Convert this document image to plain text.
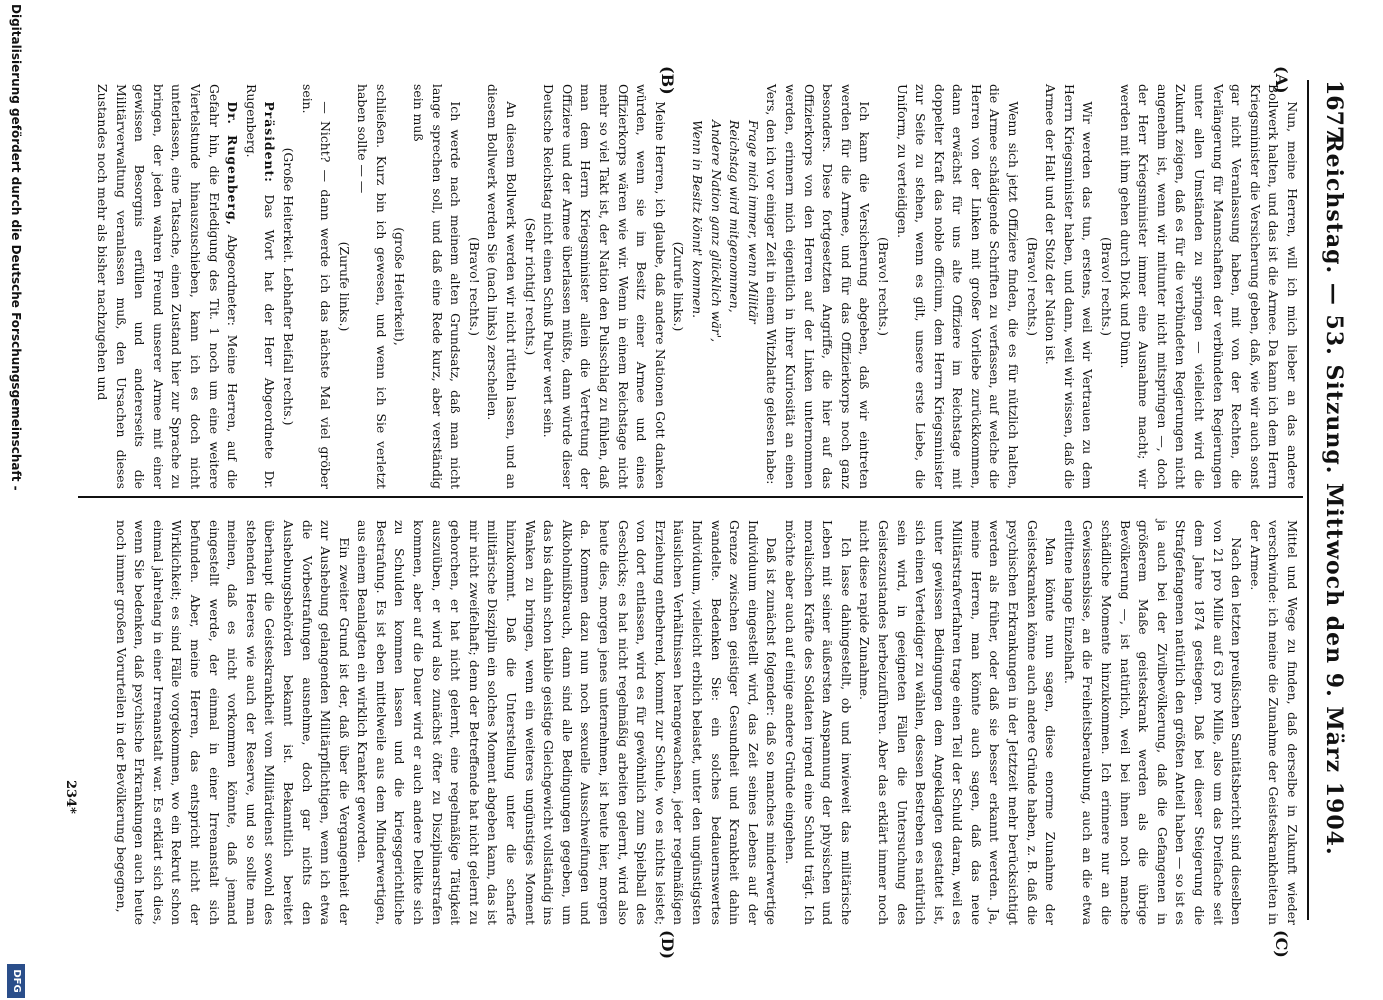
1677
Reichstag. — 53. Sitzung. Mittwoch den 9. März 1904.
(A)
(B)
(C)
(D)

Nun, meine Herren, will ich mich lieber an das andere Bollwerk halten, und das ist die Armee. Da kann ich dem Herrn Kriegsminister die Versicherung geben, daß, wie wir auch sonst gar nicht Veranlassung haben, mit von der Rechten, die Verlängerung für Mannschaften der verbündeten Regierungen unter allen Umständen zu springen — vielleicht wird die Zukunft zeigen, daß es für die verbündeten Regierungen nicht angenehm ist, wenn wir mitunter nicht mitspringen —, doch der Herr Kriegsminister immer eine Ausnahme macht; wir werden mit ihm gehen durch Dick und Dünn.

(Bravo! rechts.)

Wir werden das tun, erstens, weil wir Vertrauen zu dem Herrn Kriegsminister haben, und dann, weil wir wissen, daß die Armee der Halt und der Stolz der Nation ist.

(Bravo! rechts.)

Wenn sich jetzt Offiziere finden, die es für nützlich halten, die Armee schädigende Schriften zu verfassen, auf welche die Herren von der Linken mit großer Vorliebe zurückkommen, dann erwächst für uns alte Offiziere im Reichstage mit doppelter Kraft das noble officium, dem Herrn Kriegsminister zur Seite zu stehen, wenn es gilt, unsere erste Liebe, die Uniform, zu verteidigen.

(Bravo! rechts.)

Ich kann die Versicherung abgeben, daß wir eintreten werden für die Armee, und für das Offizierkorps noch ganz besonders. Diese fortgesetzten Angriffe, die hier auf das Offizierkorps von den Herren auf der Linken unternommen werden, erinnern mich eigentlich in ihrer Kuriosität an einen Vers, den ich vor einiger Zeit in einem Witzblatte gelesen habe:

Frage mich immer, wenn Militär

Reichstag wird mitgenommen,

Andere Nation ganz glücklich wär',

Wenn in Besitz könnt' kommen.

(Zurufe links.)

Meine Herren, ich glaube, daß andere Nationen Gott danken würden, wenn sie im Besitz einer Armee und eines Offizierkorps wären wie wir. Wenn in einem Reichstage nicht mehr so viel Takt ist, der Nation den Pulsschlag zu fühlen, daß man dem Herrn Kriegsminister allein die Vertretung der Offiziere und der Armee überlassen müßte, dann würde dieser Deutsche Reichstag nicht einen Schuß Pulver wert sein.

(Sehr richtig! rechts.)

An diesem Bollwerk werden wir nicht rütteln lassen, und an diesem Bollwerk werden Sie (nach links) zerschellen.

(Bravo! rechts.)

Ich werde nach meinem alten Grundsatz, daß man nicht lange sprechen soll, und daß eine Rede kurz, aber verständig sein muß

(große Heiterkeit),

schließen. Kurz bin ich gewesen, und wenn ich Sie verletzt haben sollte — —

(Zurufe links.)

— Nicht? — dann werde ich das nächste Mal viel gröber sein.

(Große Heiterkeit. Lebhafter Beifall rechts.)

Präsident: Das Wort hat der Herr Abgeordnete Dr. Rugenberg.

Dr. Rugenberg, Abgeordneter: Meine Herren, auf die Gefahr hin, die Erledigung des Tit. 1 noch um eine weitere Viertelstunde hinauszuschieben, kann ich es doch nicht unterlassen, eine Tatsache, einen Zustand hier zur Sprache zu bringen, der jeden wahren Freund unserer Armee mit einer gewissen Besorgnis erfüllen und andererseits die Militärverwaltung veranlassen muß, den Ursachen dieses Zustandes noch mehr als bisher nachzugehen und

Mittel und Wege zu finden, daß derselbe in Zukunft wieder verschwinde: ich meine die Zunahme der Geisteskrankheiten in der Armee.

Nach den letzten preußischen Sanitätsbericht sind dieselben von 21 pro Mille auf 63 pro Mille, also um das Dreifache seit dem Jahre 1874 gestiegen. Daß bei dieser Steigerung die Strafgefangenen natürlich den größten Anteil haben — so ist es ja auch bei der Zivilbevölkerung, daß die Gefangenen in größerem Maße geisteskrank werden als die übrige Bevölkerung —, ist natürlich, weil bei ihnen noch manche schädliche Momente hinzukommen. Ich erinnere nur an die Gewissensbisse, an die Freiheitsberaubung, auch an die etwa erlittene lange Einzelhaft.

Man könnte nun sagen, diese enorme Zunahme der Geisteskranken könne auch andere Gründe haben, z. B. daß die psychischen Erkrankungen in der Jetztzeit mehr berücksichtigt werden als früher, oder daß sie besser erkannt werden. Ja, meine Herren, man könnte auch sagen, daß das neue Militärstrafverfahren trage einen Teil der Schuld daran, weil es unter gewissen Bedingungen dem Angeklagten gestattet ist, sich einen Verteidiger zu wählen, dessen Bestreben es natürlich sein wird, in geeigneten Fällen die Untersuchung des Geisteszustandes herbeizuführen. Aber das erklärt immer noch nicht diese rapide Zunahme.

Ich lasse dahingestellt, ob und inwieweit das militärische Leben mit seiner äußersten Anspannung der physischen und moralischen Kräfte des Soldaten irgend eine Schuld trägt. Ich möchte aber auch auf einige andere Gründe eingehen.

Daß ist zunächst folgender: daß so manches minderwertige Individuum eingestellt wird, das Zeit seines Lebens auf der Grenze zwischen geistiger Gesundheit und Krankheit dahin wandelte. Bedenken Sie: ein solches bedauernswertes Individuum, vielleicht erblich belastet, unter den ungünstigsten häuslichen Verhältnissen herangewachsen, jeder regelmäßigen Erziehung entbehrend, kommt zur Schule, wo es nichts leistet; von dort entlassen, wird es für gewöhnlich zum Spielball des Geschicks; es hat nicht regelmäßig arbeiten gelernt, wird also heute dies, morgen jenes unternehmen, ist heute hier, morgen da. Kommen dazu nun noch sexuelle Ausschweifungen und Alkoholmißbrauch, dann sind alle Bedingungen gegeben, um das bis dahin schon labile geistige Gleichgewicht vollständig ins Wanken zu bringen, wenn ein weiteres ungünstiges Moment hinzukommt. Daß die Unterstellung unter die scharfe militärische Disziplin ein solches Moment abgeben kann, das ist mir nicht zweifelhaft; denn der Betreffende hat nicht gelernt zu gehorchen, er hat nicht gelernt, eine regelmäßige Tätigkeit auszuüben, er wird also zunächst öfter zu Disziplinarstrafen kommen, aber auf die Dauer wird er auch andere Delikte sich zu Schulden kommen lassen und die kriegsgerichtliche Bestrafung. Es ist eben mittelweile aus dem Minderwertigen, aus einem Beanlagten ein wirklich Kranker geworden.

Ein zweiter Grund ist der, daß über die Vergangenheit der zur Aushebung gelangenden Militärpflichtigen, wenn ich etwa die Vorbestrafungen ausnehme, doch gar nichts den Aushebungsbehörden bekannt ist. Bekanntlich bereitet überhaupt die Geisteskrankheit vom Militärdienst sowohl des stehenden Heeres wie auch der Reserve, und so sollte man meinen, daß es nicht vorkommen könnte, daß jemand eingestellt werde, der einmal in einer Irrenanstalt sich befunden. Aber, meine Herren, das entspricht nicht der Wirklichkeit; es sind Fälle vorgekommen, wo ein Rekrut schon einmal jahrelang in einer Irrenanstalt war. Es erklärt sich dies, wenn Sie bedenken, daß psychische Erkrankungen auch heute noch immer großen Vorurteilen in der Bevölkerung begegnen,

234*
Digitalisierung gefördert durch die Deutsche Forschungsgemeinschaft -
DFG
